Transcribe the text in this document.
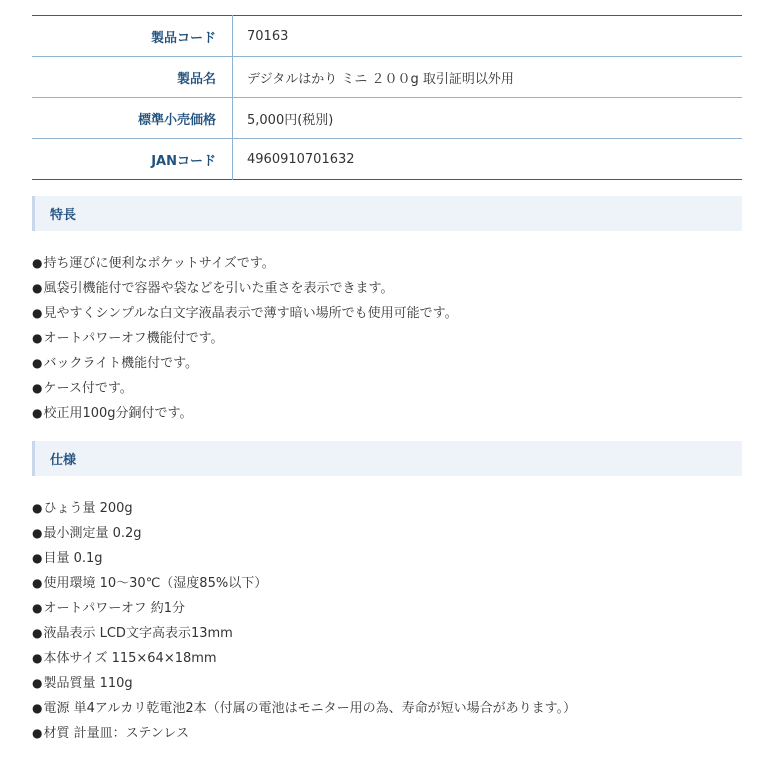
製品コード	70163
製品名	デジタルはかり ミニ ２００g 取引証明以外用
標準小売価格	5,000円(税別)
JANコード	4960910701632
特長
● 持ち運びに便利なポケットサイズです。
● 風袋引機能付で容器や袋などを引いた重さを表示できます。
● 見やすくシンプルな白文字液晶表示で薄す暗い場所でも使用可能です。
● オートパワーオフ機能付です。
● バックライト機能付です。
● ケース付です。
● 校正用100g分銅付です。
仕様
● ひょう量 200g
● 最小測定量 0.2g
● 目量 0.1g
● 使用環境 10～30℃（湿度85%以下）
● オートパワーオフ 約1分
● 液晶表示 LCD文字高表示13mm
● 本体サイズ 115×64×18mm
● 製品質量 110g
● 電源 単4アルカリ乾電池2本（付属の電池はモニター用の為、寿命が短い場合があります。）
● 材質 計量皿：ステンレス
